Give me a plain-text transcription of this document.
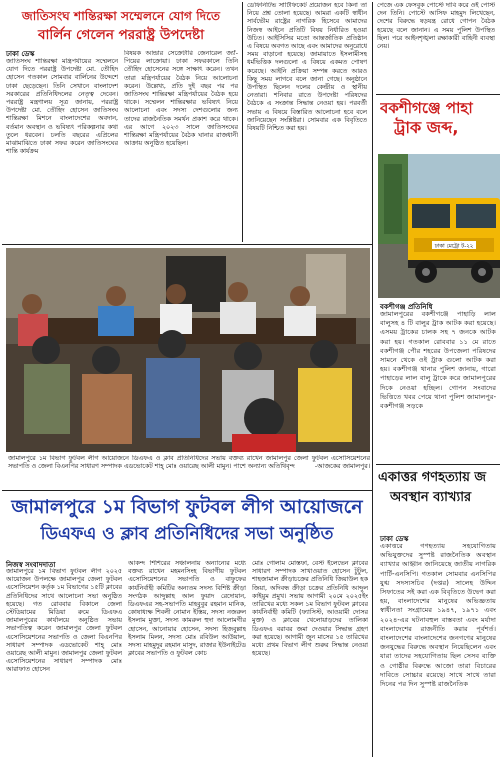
জাতিসংঘ শান্তিরক্ষা সম্মেলনে যোগ দিতে
বার্লিন গেলেন পররাষ্ট্র উপদেষ্টা
ঢাকা ডেস্ক
জাতিসংঘ শান্তিরক্ষা মন্ত্রিপর্যায়ের সম্মেলনে যোগ দিতে পররাষ্ট্র উপদেষ্টা মো. তৌহিদ হোসেন গতকাল সোমবার বার্লিনের উদ্দেশে ঢাকা ছেড়েছেন। তিনি সেখানে বাংলাদেশ সরকারের প্রতিনিধিদলের নেতৃত্ব দেবেন। পররাষ্ট্র মন্ত্রণালয় সূত্র জানায়, পররাষ্ট্র উপদেষ্টা মো. তৌহিদ হোসেন জাতিসংঘ শান্তিরক্ষা মিশনে বাংলাদেশের অবদান, বর্তমান অবস্থান ও ভবিষ্যৎ পরিকল্পনার কথা তুলে ধরবেন। চলতি বছরের এপ্রিলের মাঝামাঝিতে ঢাকা সফর করেন জাতিসংঘের শান্তি কার্যক্রম
বিষয়ক আন্ডার সেক্রেটারি জেনারেল জ্যাঁ-পিয়ের লাক্রোয়া। ঢাকা সফরকালে তিনি তৌহিদ হোসেনের সঙ্গে সাক্ষাৎ করেন। তখন তারা মন্ত্রিপর্যায়ের বৈঠক নিয়ে আলোচনা করেন। উল্লেখ্য, প্রতি দুই বছর পর পর জাতিসংঘ শান্তিরক্ষা মন্ত্রিপর্যায়ের বৈঠক হয়ে থাকে। সম্মেলন শান্তিরক্ষার ভবিষ্যৎ নিয়ে আলোচনা এবং সদস্য দেশগুলোর জন্য তাদের রাজনৈতিক সমর্থন প্রকাশ করে থাকে। এর আগে ২০২৩ সালে জাতিসংঘের শান্তিরক্ষা মন্ত্রিপর্যায়ের বৈঠক ঘানার রাজধানী আক্রায় অনুষ্ঠিত হয়েছিল।
ডেফিনিটিভ সার্টিফিকেট প্রয়োজন হবে কিনা তা নিয়ে প্রশ্ন তোলা হয়েছে। আমরা একটি স্বাধীন সার্বভৌম রাষ্ট্রের নাগরিক হিসেবে আমাদের নিজস্ব আইনে প্রতিটি বিষয় নির্ধারিত হওয়া উচিত। আইসিসির মতো আন্তর্জাতিক প্রতিষ্ঠান এ বিষয়ে অবগত আছে এবং আমাদের অনুরোধে সময় বাড়ানো হয়েছে। জামায়াতে ইসলামীসহ ধর্মভিত্তিক দলগুলো এ বিষয়ে একমত পোষণ করেছে। আইনি প্রক্রিয়া সম্পন্ন করতে আরও কিছু সময় লাগবে বলে জানা গেছে। অনুষ্ঠানে উপস্থিত ছিলেন দলের কেন্দ্রীয় ও স্থানীয় নেতারা। শনিবার রাতে উপদেষ্টা পরিষদের বৈঠকে এ সংক্রান্ত সিদ্ধান্ত নেওয়া হয়। পরবর্তী সভায় এ বিষয়ে বিস্তারিত আলোচনা হবে বলে জানিয়েছেন সংশ্লিষ্টরা। সোমবার এক বিবৃতিতে বিষয়টি নিশ্চিত করা হয়।
পেজে এক ফেসবুক পোস্টে দাবি করে ওই পোস্ট দেন তিনি। পোস্টে আসিফ মাহমুদ লিখেছেন, দেশের বিরুদ্ধে ষড়যন্ত্র রোধে গোপন বৈঠক হয়েছে বলে জানান। এ সময় পুলিশ উপস্থিত ছিল। পরে আইনশৃঙ্খলা রক্ষাকারী বাহিনী ব্যবস্থা নেয়।
বকশীগঞ্জে পাহা
ট্রাক জব্দ,
ঢাকা মেট্রো ট-২২
বকশীগঞ্জ প্রতিনিধি
জামালপুরের বকশীগঞ্জে পাহাড়ি লাল বালুসহ ৪ টি বালুর ট্রাক আটক করা হয়েছে। এসময় ট্রাকের চালক সহ ৭ জনকে আটক করা হয়। গতকাল রোববার ১১ মে রাতে বকশীগঞ্জ পৌর শহরের উপজেলা পরিষদের সামনে থেকে ওই ট্রাক গুলো আটক করা হয়। বকশীগঞ্জ থানার পুলিশ জানায়, গারো পাহাড়ের লাল বালু ট্রাকে করে জামালপুরের দিকে নেওয়া হচ্ছিল। গোপন সংবাদের ভিত্তিতে খবর পেয়ে থানা পুলিশ জামালপুর-বকশীগঞ্জ সড়কে
জামালপুরে ১ম বিভাগ ফুটবল লীগ আয়োজনে ডিএফএ ও ক্লাব প্রতিনিধিদের সভায় বক্তব্য রাখেন জামালপুর জেলা ফুটবল এসোসিয়েশনের সভাপতি ও জেলা বিএনপির সাধারণ সম্পাদক এডভোকেট শাহ্ মোঃ ওয়ারেছ আলী মামুন। পাশে অন্যান্য অতিথিবৃন্দ	-আজকের জামালপুর।
জামালপুরে ১ম বিভাগ ফুটবল লীগ আয়োজনে
ডিএফএ ও ক্লাব প্রতিনিধিদের সভা অনুষ্ঠিত
নিজস্ব সংবাদদাতা
জামালপুরে ১ম বিভাগ ফুটবল লীগ ২০২৫ আয়োজন উপলক্ষে জামালপুর জেলা ফুটবল এসোসিয়েশন কর্তৃক ১ম বিভাগের ১৫টি ক্লাবের প্রতিনিধিদের সাথে আলোচনা সভা অনুষ্ঠিত হয়েছে। গত রোববার বিকালে জেলা স্টেডিয়ামের মিডিয়া রুমে ডিএফএ জামালপুরের কার্যালয়ে অনুষ্ঠিত সভায় সভাপতিত্ব করেন জামালপুর জেলা ফুটবল এসোসিয়েশনের সভাপতি ও জেলা বিএনপির সাধারণ সম্পাদক এডভোকেট শাহ্ মোঃ ওয়ারেছ আলী মামুন। জামালপুর জেলা ফুটবল এসোসিয়েশনের সাধারণ সম্পাদক মোঃ আরাফাত হোসেন
আকন্দ শিশিরের সঞ্চালনায় অন্যান্যের মধ্যে বক্তব্য রাখেন মহমনসিংহ বিভাগীয় ফুটবল এসোসিয়েশনের সভাপতি ও বাফুফের কার্যনির্বাহী কমিটির অন্যতম সদস্য বিশিষ্ট ক্রীড়া সংগঠক আব্দুল্লাহ আল ফুয়াদ রেদোয়ান, ডিএফএর সহ-সভাপতি মাহবুবুর রহমান মানিক, কোষাধ্যক্ষ শিবলী নোমান ইস্তিয়, সদস্য নজরুল ইসলাম মুক্তা, সদস্য কামরুল হুদা আলোমগীর হোসেন, আনোয়ার হোসেন, সদস্য হিজবুল্লাহ ইসলাম মিলন, সদস্য মোঃ রবিউল আউয়াল, সদস্য মাহমুদুর রহমান মাসুদ, রাজার ইউনাইটেড ক্লাবের সভাপতি ও ফুটবল কোচ
মোঃ গোলাম মোস্তফা, বেস্ট ইলেভেন ক্লাবের সাধারণ সম্পাদক সাখাওয়াত হোসেন টুটুল, শাহজামাল ক্রীড়াচক্রের প্রতিনিধি জিয়াউল হক জিয়া, অদিবন্ধ ক্রীড়া চক্রের প্রতিনিধি আব্দুল কাইয়ুম প্রমুখ। সভায় আগামী ২০মে ২০২৫ইং তারিখের মধ্যে সকল ১ম বিভাগ ফুটবল ক্লাবের কার্যনির্বাহী কমিটি (ফ্যাসিস্ট, আওয়ামী দোসর মুক্ত) ও ক্লাবের খেলোয়াড়দের তালিকা ডিএফএ বরাবর জমা দেওয়ার সিদ্ধান্ত গ্রহণ করা হয়েছে। আগামী জুন মাসের ১৫ তারিখের মধ্যে প্রথম বিভাগ লীগ শুরুর সিদ্ধান্ত নেওয়া হয়েছে।
একাত্তর গণহত্যায় জ
অবস্থান ব্যাখ্যার
ঢাকা ডেস্ক
একাত্তরে গণহত্যায় সহযোগিতায় অভিযুক্তদের সুস্পষ্ট রাজনৈতিক অবস্থান ব্যাখ্যার আহ্বান জানিয়েছে জাতীয় নাগরিক পার্টি-এনসিপি। গতকাল সোমবার এনসিপির যুগ্ম সদস্যসচিব (দপ্তর) সালেহ উদ্দিন সিফাতের সই করা এক বিবৃতিতে উদ্বেগ করা হয়, বাংলাদেশের মানুষের অভিজ্ঞতায় স্বাধীনতা সংগ্রামের ১৯৪৭, ১৯৭১ এবং ২০২৪-এর ঘটনাবহুল বাস্তবতা এবং মর্যাদা বাংলাদেশের রাজনীতি করার পূর্বশর্ত। বাংলাদেশের বাংলাদেশের জনগণের মানুষের জনযুদ্ধের বিরুদ্ধে অবস্থান নিয়েছিলেন এবং যারা তাদের সহযোগিতায় ছিল সেসব ব্যক্তি ও গোষ্ঠীর বিরুদ্ধে আজো তারা বিচারের দাবিতে সোচ্চার রয়েছে। সাথে সাথে তারা দিনের পর দিন সুস্পষ্ট রাজনৈতিক
